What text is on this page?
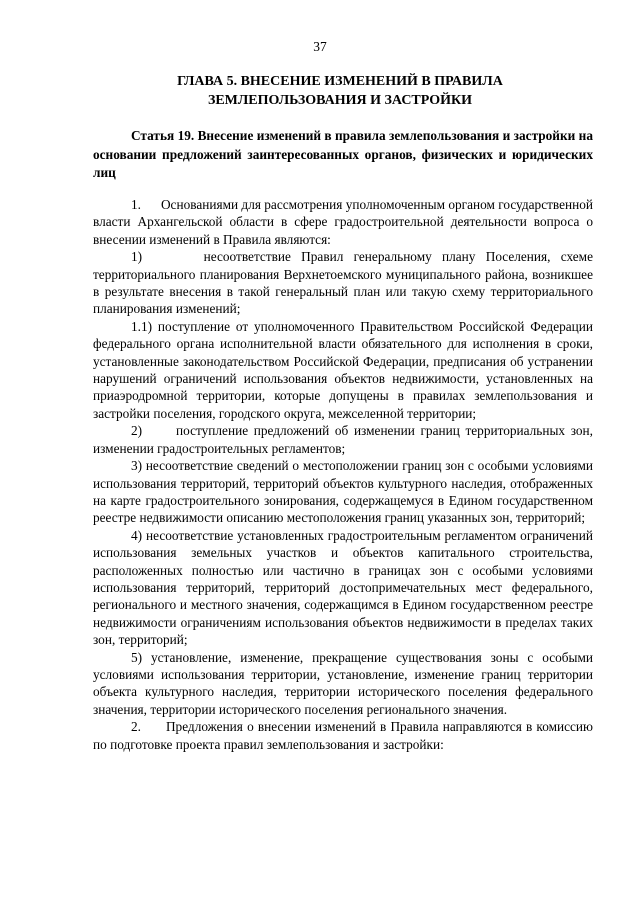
37
ГЛАВА 5. ВНЕСЕНИЕ ИЗМЕНЕНИЙ В ПРАВИЛА
ЗЕМЛЕПОЛЬЗОВАНИЯ И ЗАСТРОЙКИ
Статья 19. Внесение изменений в правила землепользования и застройки на основании предложений заинтересованных органов, физических и юридических лиц

1.      Основаниями для рассмотрения уполномоченным органом государственной власти Архангельской области в сфере градостроительной деятельности вопроса о внесении изменений в Правила являются:

1)      несоответствие Правил генеральному плану Поселения, схеме территориального планирования Верхнетоемского муниципального района, возникшее в результате внесения в такой генеральный план или такую схему территориального планирования изменений;

1.1) поступление от уполномоченного Правительством Российской Федерации федерального органа исполнительной власти обязательного для исполнения в сроки, установленные законодательством Российской Федерации, предписания об устранении нарушений ограничений использования объектов недвижимости, установленных на приаэродромной территории, которые допущены в правилах землепользования и застройки поселения, городского округа, межселенной территории;

2)      поступление предложений об изменении границ территориальных зон, изменении градостроительных регламентов;

3) несоответствие сведений о местоположении границ зон с особыми условиями использования территорий, территорий объектов культурного наследия, отображенных на карте градостроительного зонирования, содержащемуся в Едином государственном реестре недвижимости описанию местоположения границ указанных зон, территорий;

4) несоответствие установленных градостроительным регламентом ограничений использования земельных участков и объектов капитального строительства, расположенных полностью или частично в границах зон с особыми условиями использования территорий, территорий достопримечательных мест федерального, регионального и местного значения, содержащимся в Едином государственном реестре недвижимости ограничениям использования объектов недвижимости в пределах таких зон, территорий;

5) установление, изменение, прекращение существования зоны с особыми условиями использования территории, установление, изменение границ территории объекта культурного наследия, территории исторического поселения федерального значения, территории исторического поселения регионального значения.

2.      Предложения о внесении изменений в Правила направляются в комиссию по подготовке проекта правил землепользования и застройки:
